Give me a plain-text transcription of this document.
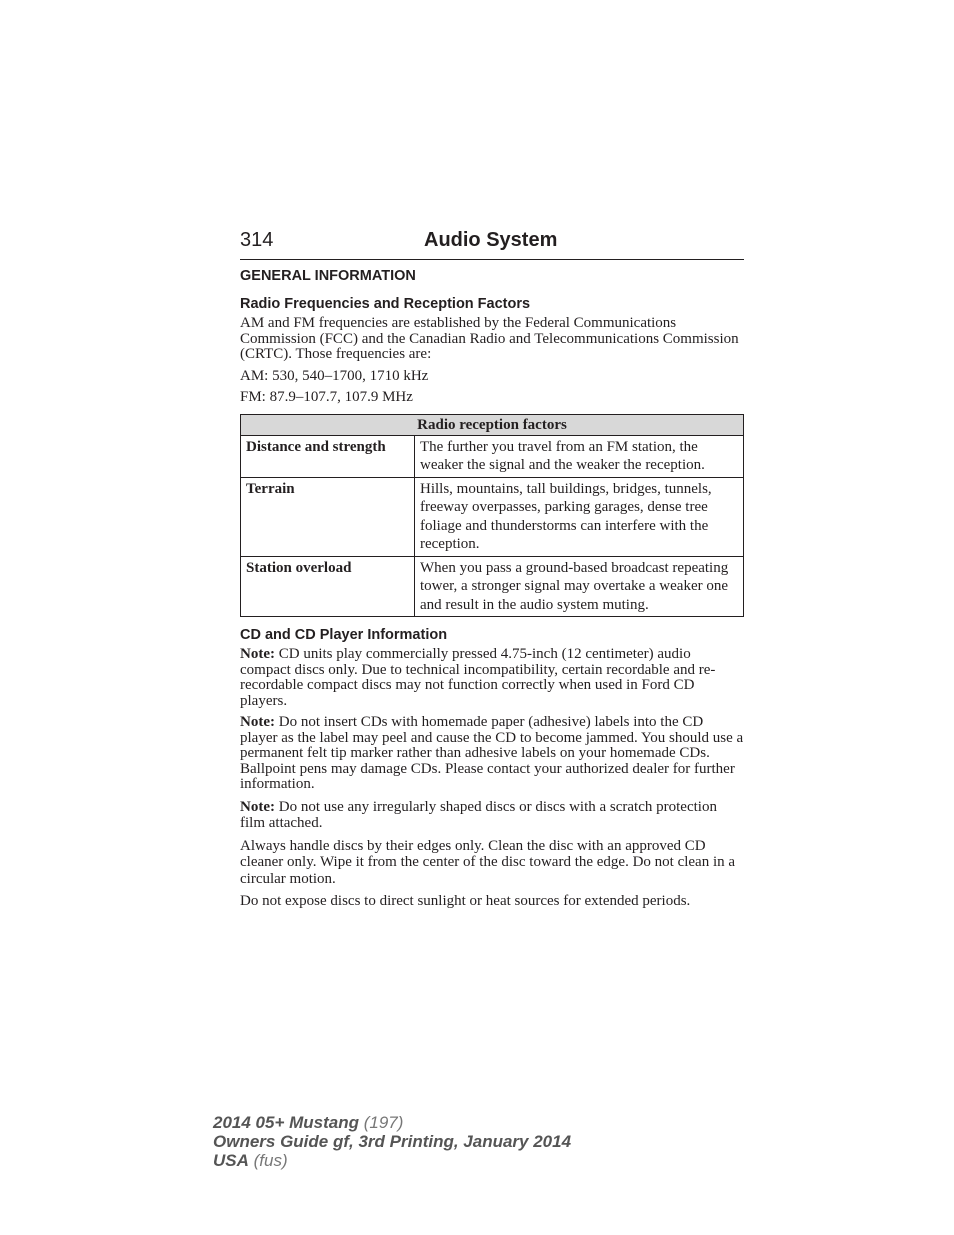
314	Audio System
GENERAL INFORMATION
Radio Frequencies and Reception Factors

AM and FM frequencies are established by the Federal Communications Commission (FCC) and the Canadian Radio and Telecommunications Commission (CRTC). Those frequencies are:

AM: 530, 540–1700, 1710 kHz

FM: 87.9–107.7, 107.9 MHz

Radio reception factors	
Distance and strength	The further you travel from an FM station, the weaker the signal and the weaker the reception.
Terrain	Hills, mountains, tall buildings, bridges, tunnels, freeway overpasses, parking garages, dense tree foliage and thunderstorms can interfere with the reception.
Station overload	When you pass a ground-based broadcast repeating tower, a stronger signal may overtake a weaker one and result in the audio system muting.
CD and CD Player Information

Note: CD units play commercially pressed 4.75-inch (12 centimeter) audio compact discs only. Due to technical incompatibility, certain recordable and re-recordable compact discs may not function correctly when used in Ford CD players.

Note: Do not insert CDs with homemade paper (adhesive) labels into the CD player as the label may peel and cause the CD to become jammed. You should use a permanent felt tip marker rather than adhesive labels on your homemade CDs. Ballpoint pens may damage CDs. Please contact your authorized dealer for further information.

Note: Do not use any irregularly shaped discs or discs with a scratch protection film attached.

Always handle discs by their edges only. Clean the disc with an approved CD cleaner only. Wipe it from the center of the disc toward the edge. Do not clean in a circular motion.

Do not expose discs to direct sunlight or heat sources for extended periods.

2014 05+ Mustang (197)
Owners Guide gf, 3rd Printing, January 2014
USA (fus)
